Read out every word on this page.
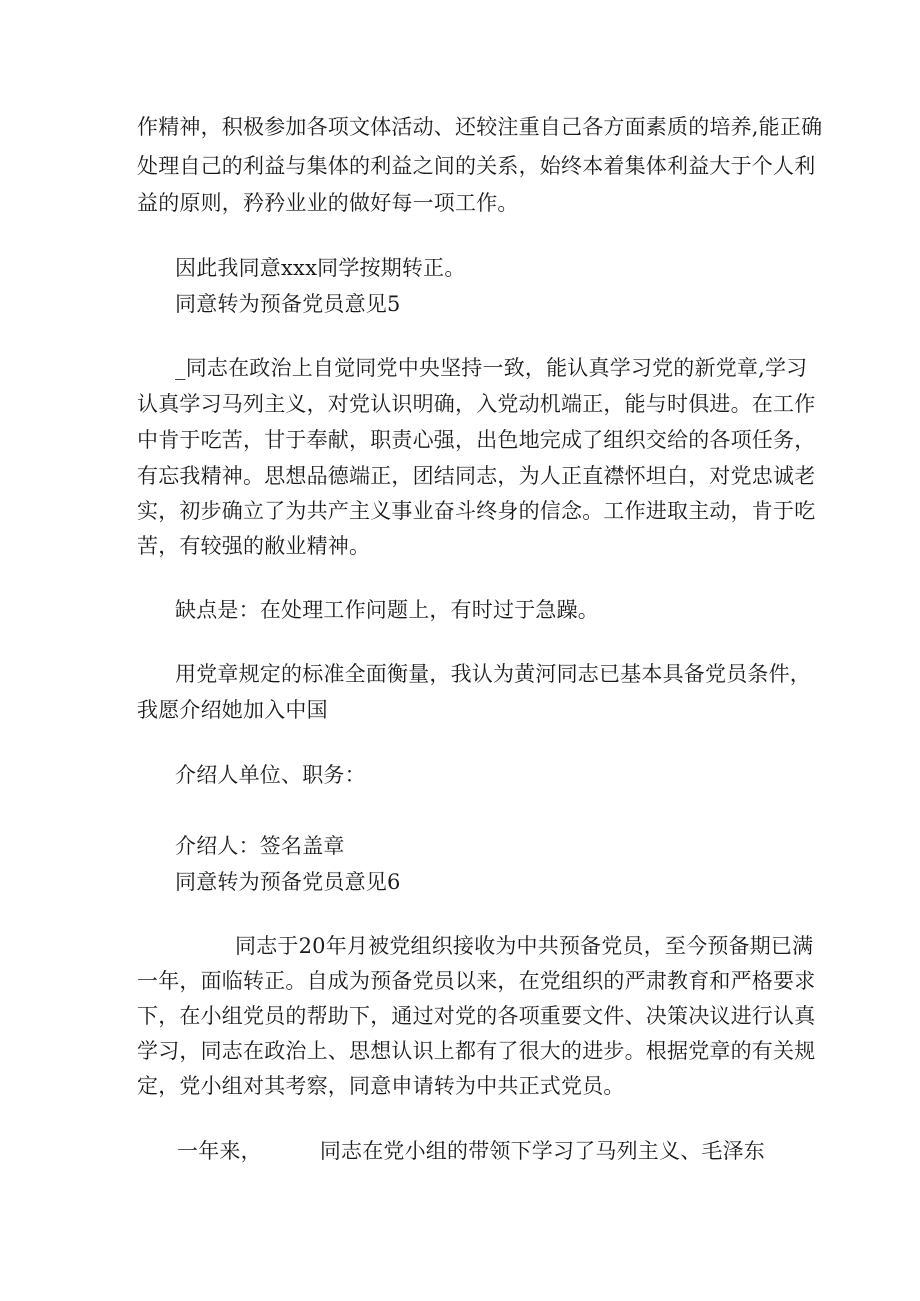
作精神，积极参加各项文体活动、还较注重自己各方面素质的培养,能正确
处理自己的利益与集体的利益之间的关系，始终本着集体利益大于个人利
益的原则，矜矜业业的做好每一项工作。
因此我同意xxx同学按期转正。
同意转为预备党员意见5
_同志在政治上自觉同党中央坚持一致，能认真学习党的新党章,学习
认真学习马列主义，对党认识明确，入党动机端正，能与时俱进。在工作
中肯于吃苦，甘于奉献，职责心强，出色地完成了组织交给的各项任务，
有忘我精神。思想品德端正，团结同志，为人正直襟怀坦白，对党忠诚老
实，初步确立了为共产主义事业奋斗终身的信念。工作进取主动，肯于吃
苦，有较强的敝业精神。
缺点是：在处理工作问题上，有时过于急躁。
用党章规定的标准全面衡量，我认为黄河同志已基本具备党员条件，
我愿介绍她加入中国
介绍人单位、职务：
介绍人：签名盖章
同意转为预备党员意见6
同志于20年月被党组织接收为中共预备党员，至今预备期已满
一年，面临转正。自成为预备党员以来，在党组织的严肃教育和严格要求
下，在小组党员的帮助下，通过对党的各项重要文件、决策决议进行认真
学习，同志在政治上、思想认识上都有了很大的进步。根据党章的有关规
定，党小组对其考察，同意申请转为中共正式党员。
一年来，	同志在党小组的带领下学习了马列主义、毛泽东
